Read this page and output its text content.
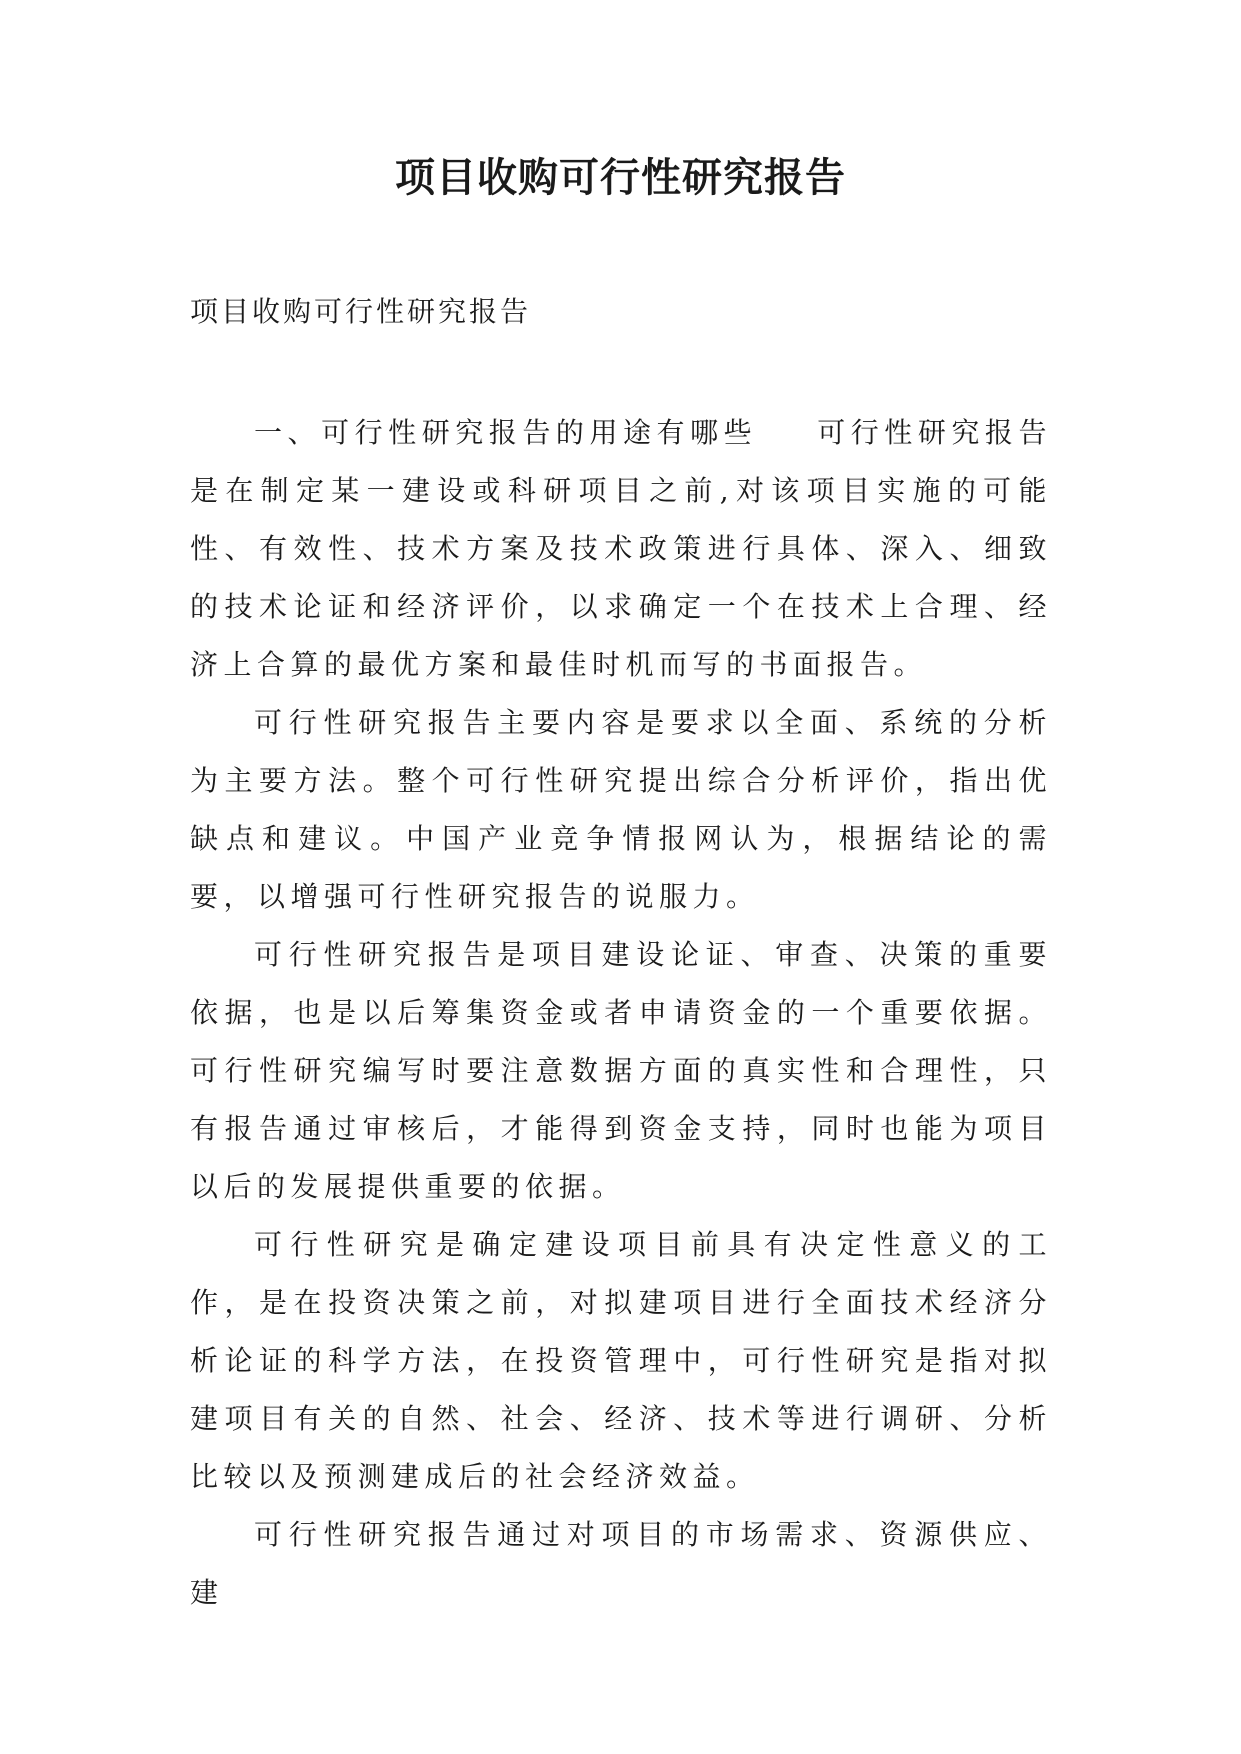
项目收购可行性研究报告

项目收购可行性研究报告

一、可行性研究报告的用途有哪些 可行性研究报告是在制定某一建设或科研项目之前,对该项目实施的可能性、有效性、技术方案及技术政策进行具体、深入、细致的技术论证和经济评价，以求确定一个在技术上合理、经济上合算的最优方案和最佳时机而写的书面报告。

可行性研究报告主要内容是要求以全面、系统的分析为主要方法。整个可行性研究提出综合分析评价，指出优缺点和建议。中国产业竞争情报网认为，根据结论的需要，以增强可行性研究报告的说服力。

可行性研究报告是项目建设论证、审查、决策的重要依据，也是以后筹集资金或者申请资金的一个重要依据。可行性研究编写时要注意数据方面的真实性和合理性，只有报告通过审核后，才能得到资金支持，同时也能为项目以后的发展提供重要的依据。

可行性研究是确定建设项目前具有决定性意义的工作，是在投资决策之前，对拟建项目进行全面技术经济分析论证的科学方法，在投资管理中，可行性研究是指对拟建项目有关的自然、社会、经济、技术等进行调研、分析比较以及预测建成后的社会经济效益。

可行性研究报告通过对项目的市场需求、资源供应、建
